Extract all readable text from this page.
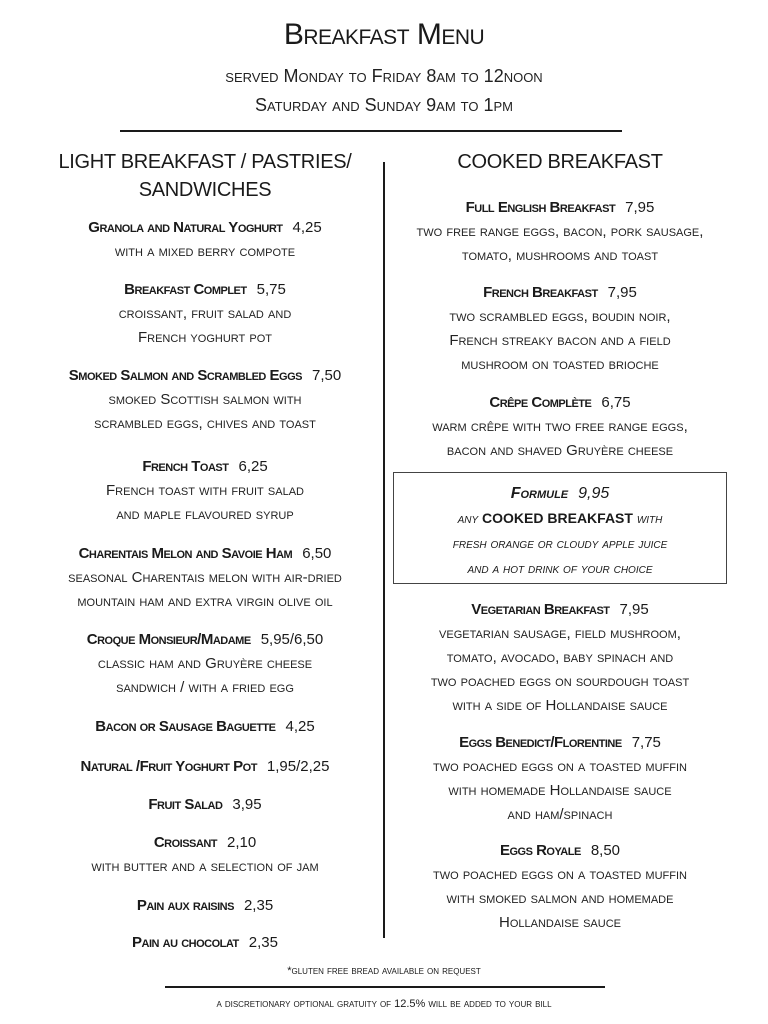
Breakfast Menu
served Monday to Friday 8am to 12noon
Saturday and Sunday 9am to 1pm
LIGHT BREAKFAST / PASTRIES/ SANDWICHES
Granola and Natural Yoghurt 4,25
with a mixed berry compote
Breakfast Complet 5,75
croissant, fruit salad and
French yoghurt pot
Smoked Salmon and Scrambled Eggs 7,50
smoked Scottish salmon with
scrambled eggs, chives and toast
French Toast 6,25
French toast with fruit salad
and maple flavoured syrup
Charentais Melon and Savoie Ham 6,50
seasonal Charentais melon with air-dried
mountain ham and extra virgin olive oil
Croque Monsieur/Madame 5,95/6,50
classic ham and Gruyère cheese
sandwich / with a fried egg
Bacon or Sausage Baguette 4,25
Natural /Fruit Yoghurt Pot 1,95/2,25
Fruit Salad 3,95
Croissant 2,10
with butter and a selection of jam
Pain aux raisins 2,35
Pain au chocolat 2,35
COOKED BREAKFAST
Full English Breakfast 7,95
two free range eggs, bacon, pork sausage,
tomato, mushrooms and toast
French Breakfast 7,95
two scrambled eggs, boudin noir,
French streaky bacon and a field
mushroom on toasted brioche
Crêpe Complète 6,75
warm crêpe with two free range eggs,
bacon and shaved Gruyère cheese
Formule 9,95
any COOKED BREAKFAST with
fresh orange or cloudy apple juice
and a hot drink of your choice
Vegetarian Breakfast 7,95
vegetarian sausage, field mushroom,
tomato, avocado, baby spinach and
two poached eggs on sourdough toast
with a side of Hollandaise sauce
Eggs Benedict/Florentine 7,75
two poached eggs on a toasted muffin
with homemade Hollandaise sauce
and ham/spinach
Eggs Royale 8,50
two poached eggs on a toasted muffin
with smoked salmon and homemade
Hollandaise sauce
*gluten free bread available on request
a discretionary optional gratuity of 12.5% will be added to your bill
